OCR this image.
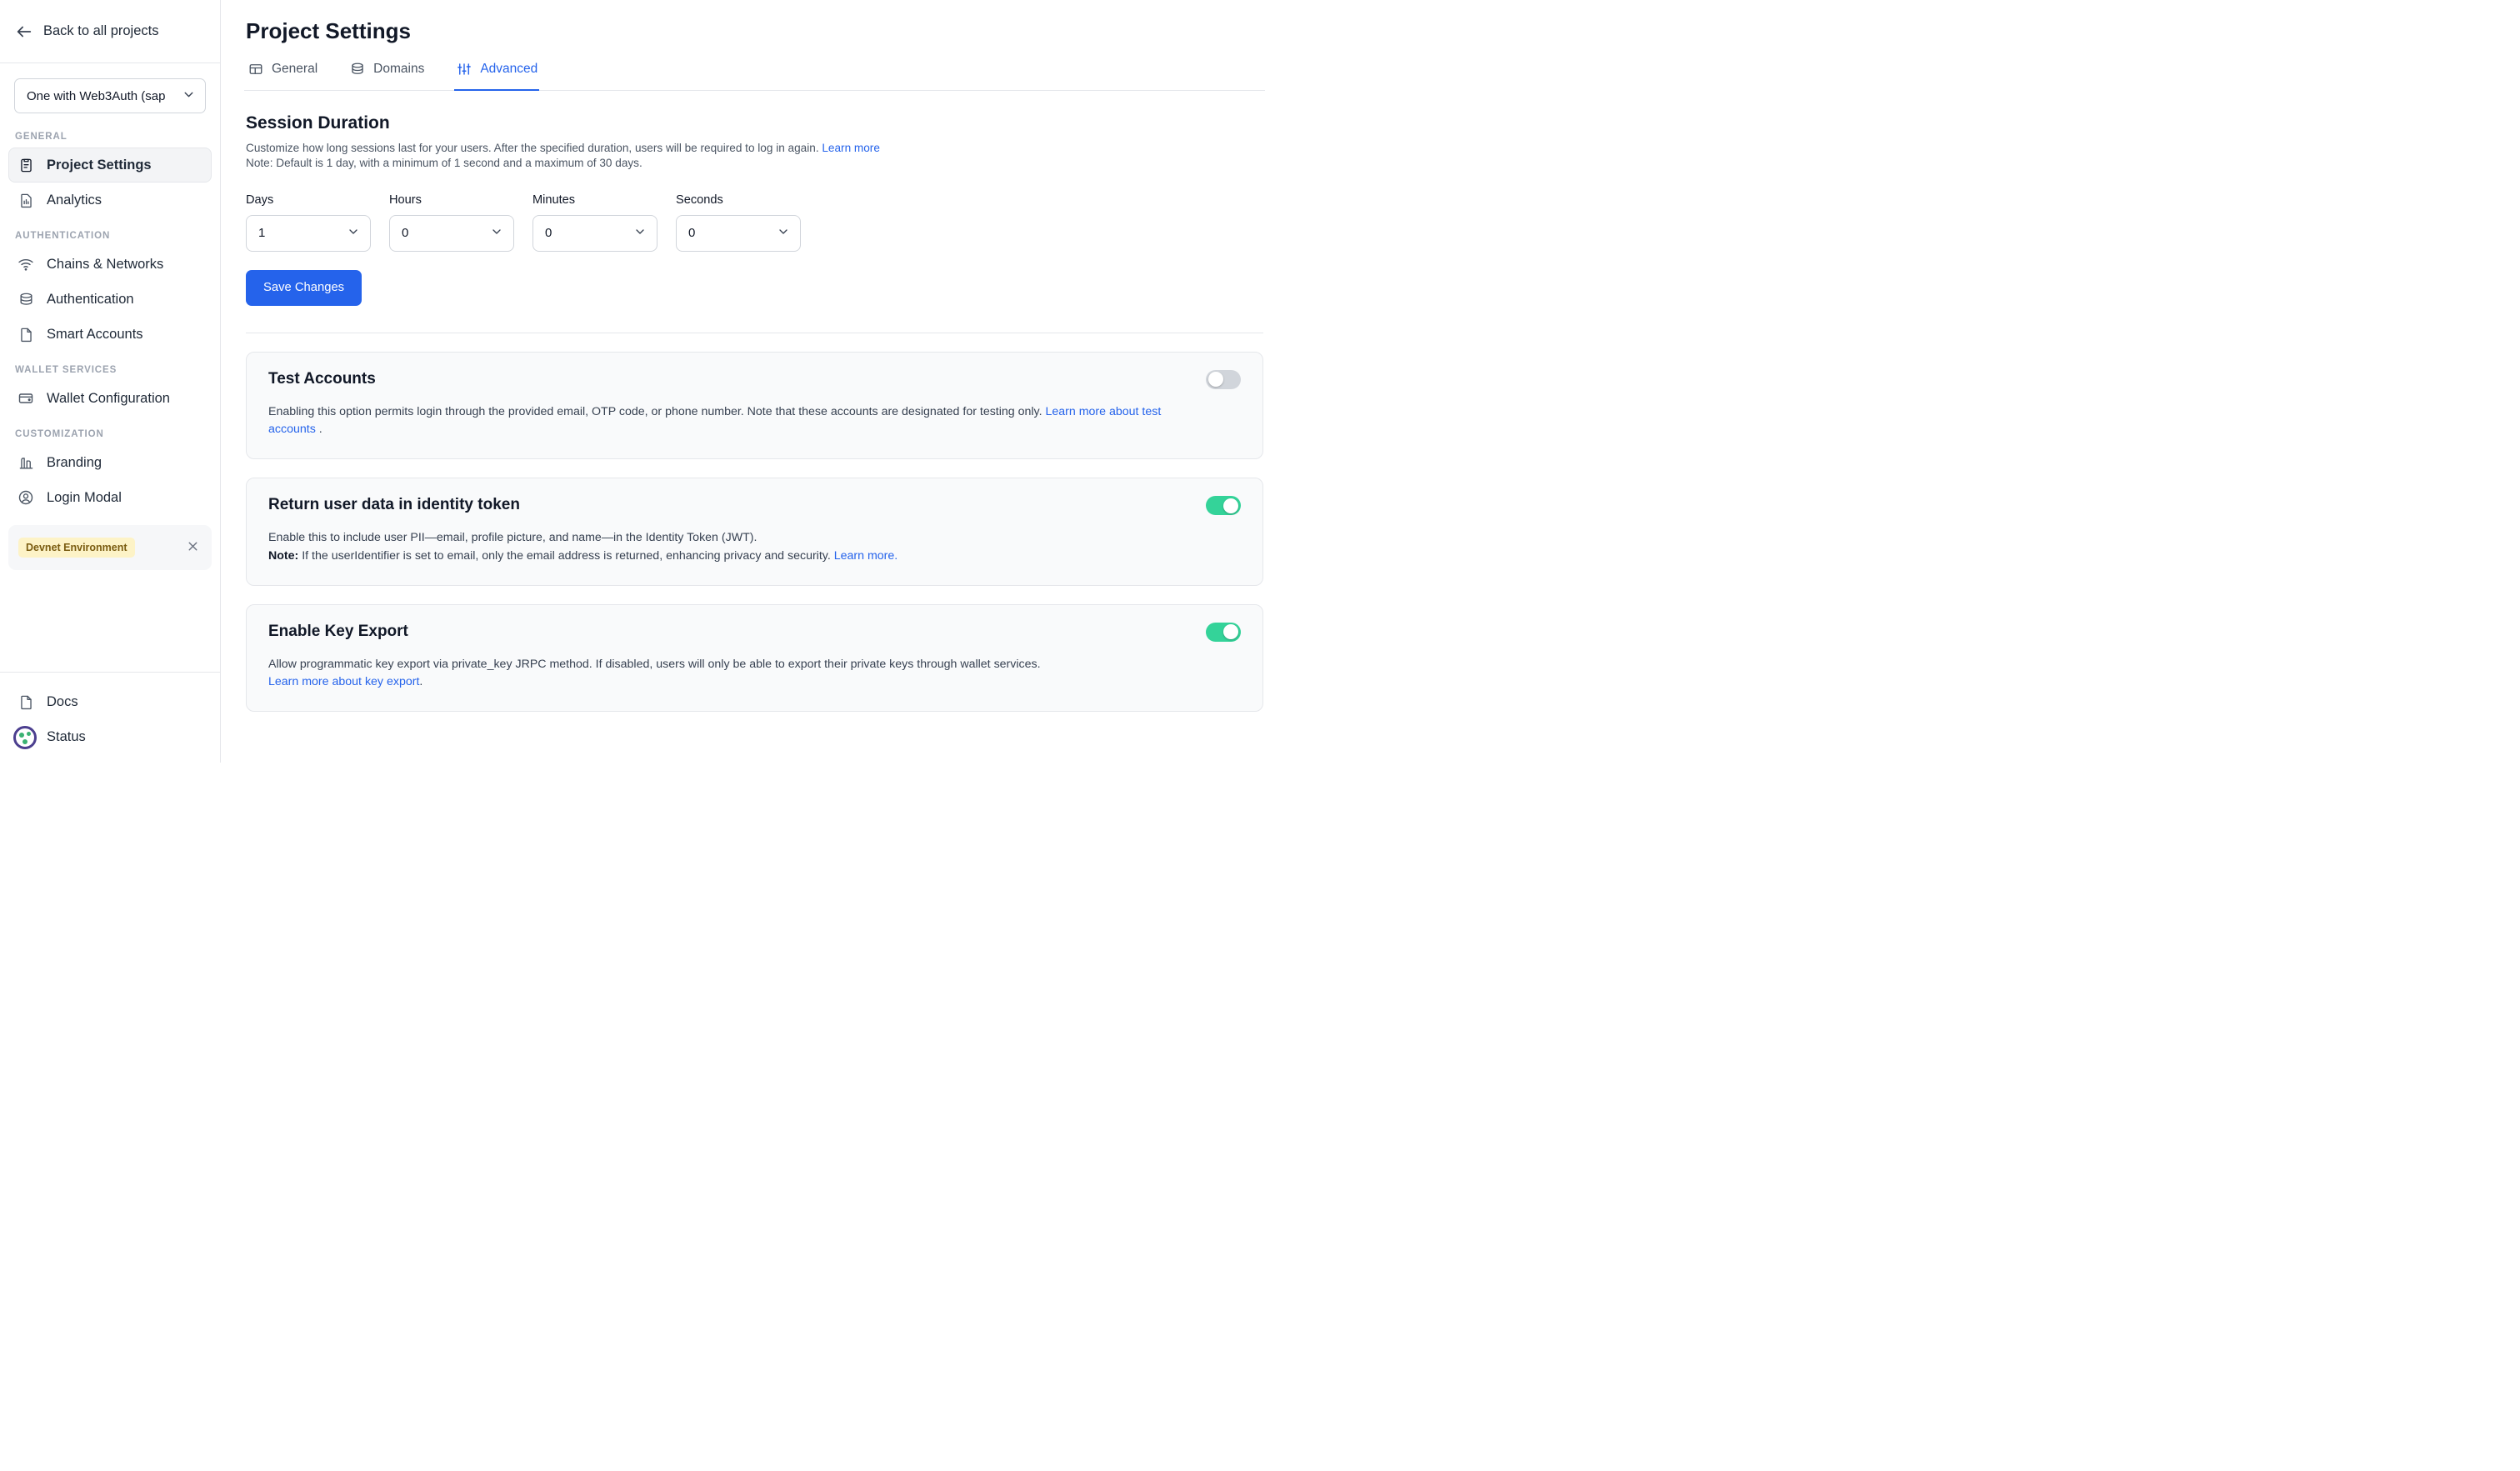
Back to all projects
One with Web3Auth (sap
GENERAL
Project Settings
Analytics
AUTHENTICATION
Chains & Networks
Authentication
Smart Accounts
WALLET SERVICES
Wallet Configuration
CUSTOMIZATION
Branding
Login Modal
Devnet Environment
Docs
Status
Project Settings
General	Domains	Advanced
Session Duration
Customize how long sessions last for your users. After the specified duration, users will be required to log in again. Learn more
Note: Default is 1 day, with a minimum of 1 second and a maximum of 30 days.
Days
1
Hours
0
Minutes
0
Seconds
0
Save Changes
Test Accounts
Enabling this option permits login through the provided email, OTP code, or phone number. Note that these accounts are designated for testing only. Learn more about test accounts .
Return user data in identity token
Enable this to include user PII—email, profile picture, and name—in the Identity Token (JWT).
Note: If the userIdentifier is set to email, only the email address is returned, enhancing privacy and security. Learn more.
Enable Key Export
Allow programmatic key export via private_key JRPC method. If disabled, users will only be able to export their private keys through wallet services.
Learn more about key export.
